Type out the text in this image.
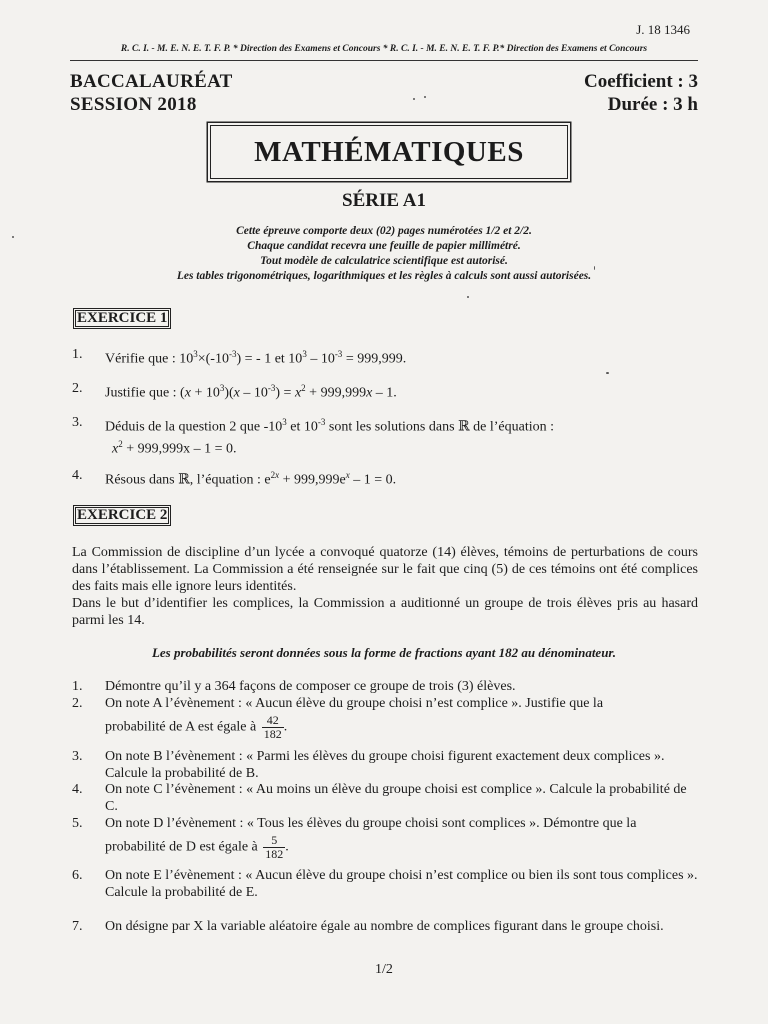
J. 18 1346
R. C. I. - M. E. N. E. T. F. P. * Direction des Examens et Concours * R. C. I. - M. E. N. E. T. F. P.* Direction des Examens et Concours
BACCALAURÉAT
SESSION 2018
Coefficient : 3
Durée : 3 h
MATHÉMATIQUES
SÉRIE A1
Cette épreuve comporte deux (02) pages numérotées 1/2 et 2/2.
Chaque candidat recevra une feuille de papier millimétré.
Tout modèle de calculatrice scientifique est autorisé.
Les tables trigonométriques, logarithmiques et les règles à calculs sont aussi autorisées.
EXERCICE 1
1. Vérifie que : $10^3\times(-10^{-3})$ = - 1 et $10^3 - 10^{-3} = 999,999$.
2. Justifie que : $(x + 10^3)(x - 10^{-3}) = x^2 + 999,999x - 1$.
3. Déduis de la question 2 que $-10^3$ et $10^{-3}$ sont les solutions dans ℝ de l’équation :
$x^2 + 999,999x - 1 = 0$.
4. Résous dans ℝ, l’équation : $e^{2x} + 999,999e^x - 1 = 0$.
EXERCICE 2
La Commission de discipline d’un lycée a convoqué quatorze (14) élèves, témoins de perturbations de cours dans l’établissement. La Commission a été renseignée sur le fait que cinq (5) de ces témoins ont été complices des faits mais elle ignore leurs identités.
Dans le but d’identifier les complices, la Commission a auditionné un groupe de trois élèves pris au hasard parmi les 14.
Les probabilités seront données sous la forme de fractions ayant 182 au dénominateur.
1. Démontre qu’il y a 364 façons de composer ce groupe de trois (3) élèves.
2. On note A l’évènement : « Aucun élève du groupe choisi n’est complice ». Justifie que la
probabilité de A est égale à $\frac{42}{182}$ .
3. On note B l’évènement : « Parmi les élèves du groupe choisi figurent exactement deux complices ». Calcule la probabilité de B.
4. On note C l’évènement : « Au moins un élève du groupe choisi est complice ». Calcule la probabilité de C.
5. On note D l’évènement : « Tous les élèves du groupe choisi sont complices ». Démontre que la
probabilité de D est égale à $\frac{5}{182}$ .
6. On note E l’évènement : « Aucun élève du groupe choisi n’est complice ou bien ils sont tous complices ». Calcule la probabilité de E.
7. On désigne par X la variable aléatoire égale au nombre de complices figurant dans le groupe choisi.
1/2
